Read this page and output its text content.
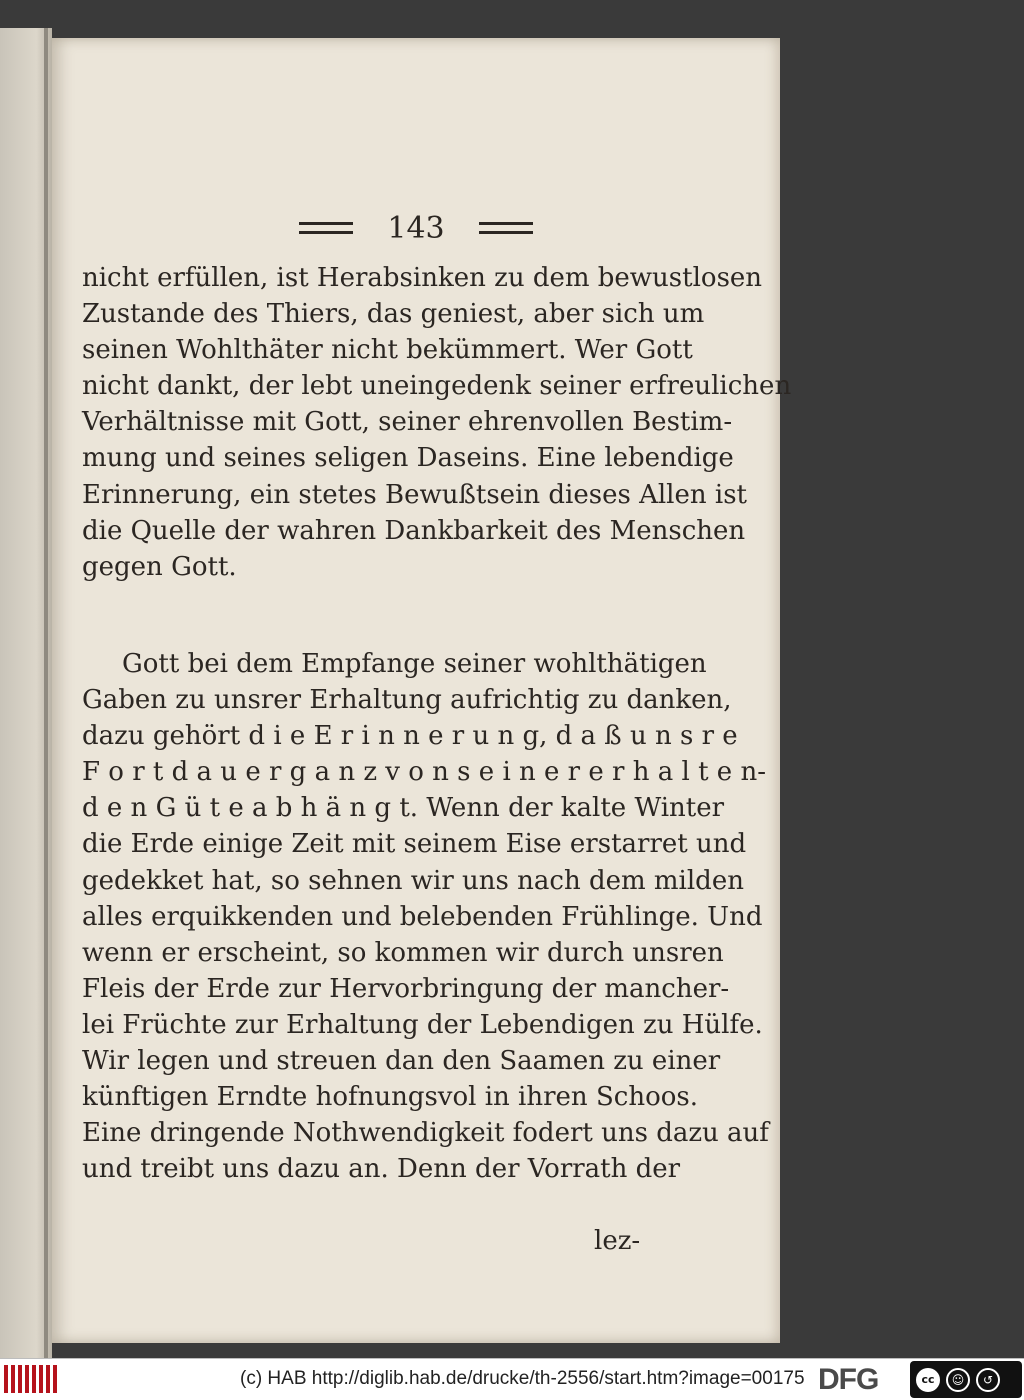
143
nicht erfüllen, ist Herabsinken zu dem bewustlosen
Zustande des Thiers, das geniest, aber sich um
seinen Wohlthäter nicht bekümmert. Wer Gott
nicht dankt, der lebt uneingedenk seiner erfreulichen
Verhältnisse mit Gott, seiner ehrenvollen Bestim-
mung und seines seligen Daseins. Eine lebendige
Erinnerung, ein stetes Bewußtsein dieses Allen ist
die Quelle der wahren Dankbarkeit des Menschen
gegen Gott.
Gott bei dem Empfange seiner wohlthätigen
Gaben zu unsrer Erhaltung aufrichtig zu danken,
dazu gehört d i e E r i n n e r u n g, d a ß u n s r e
F o r t d a u e r g a n z v o n s e i n e r e r h a l t e n-
d e n G ü t e a b h ä n g t. Wenn der kalte Winter
die Erde einige Zeit mit seinem Eise erstarret und
gedekket hat, so sehnen wir uns nach dem milden
alles erquikkenden und belebenden Frühlinge. Und
wenn er erscheint, so kommen wir durch unsren
Fleis der Erde zur Hervorbringung der mancher-
lei Früchte zur Erhaltung der Lebendigen zu Hülfe.
Wir legen und streuen dan den Saamen zu einer
künftigen Erndte hofnungsvol in ihren Schoos.
Eine dringende Nothwendigkeit fodert uns dazu auf
und treibt uns dazu an. Denn der Vorrath der
lez-
(c) HAB http://diglib.hab.de/drucke/th-2556/start.htm?image=00175 DFG	cc	☺	↺
